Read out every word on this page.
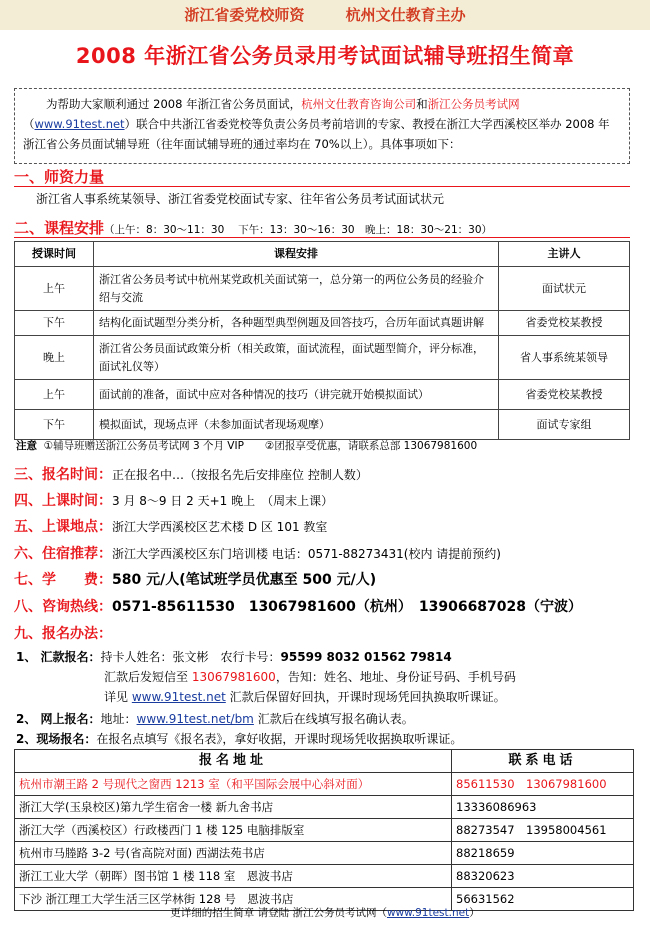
浙江省委党校师资	杭州文仕教育主办
2008 年浙江省公务员录用考试面试辅导班招生简章
为帮助大家顺利通过 2008 年浙江省公务员面试，杭州文仕教育咨询公司和浙江公务员考试网（www.91test.net）联合中共浙江省委党校等负责公务员考前培训的专家、教授在浙江大学西溪校区举办 2008 年浙江省公务员面试辅导班（往年面试辅导班的通过率均在 70%以上）。具体事项如下：
一、师资力量
浙江省人事系统某领导、浙江省委党校面试专家、往年省公务员考试面试状元
二、课程安排（上午：8：30～11：30　 下午：13：30～16：30　晚上：18：30～21：30）
授课时间	课程安排	主讲人
上午	浙江省公务员考试中杭州某党政机关面试第一，总分第一的两位公务员的经验介绍与交流	面试状元
下午	结构化面试题型分类分析，各种题型典型例题及回答技巧，合历年面试真题讲解	省委党校某教授
晚上	浙江省公务员面试政策分析（相关政策，面试流程，面试题型简介，评分标准，面试礼仪等）	省人事系统某领导
上午	面试前的准备，面试中应对各种情况的技巧（讲完就开始模拟面试）	省委党校某教授
下午	模拟面试，现场点评（未参加面试者现场观摩）	面试专家组
注意 ①辅导班赠送浙江公务员考试网 3 个月 VIP　　②团报享受优惠，请联系总部 13067981600
三、报名时间：正在报名中…（按报名先后安排座位 控制人数）
四、上课时间：3 月 8～9 日 2 天+1 晚上　（周末上课）
五、上课地点：浙江大学西溪校区艺术楼 D 区 101 教室
六、住宿推荐：浙江大学西溪校区东门培训楼 电话：0571-88273431(校内 请提前预约)
七、学　　费：580 元/人(笔试班学员优惠至 500 元/人)
八、咨询热线：0571-85611530　13067981600（杭州）　13906687028（宁波）
九、报名办法：
1、 汇款报名：持卡人姓名：张文彬　农行卡号：95599 8032 01562 79814
汇款后发短信至 13067981600，告知：姓名、地址、身份证号码、手机号码
详见 www.91test.net 汇款后保留好回执，开课时现场凭回执换取听课证。
2、 网上报名：地址：www.91test.net/bm 汇款后在线填写报名确认表。
2、现场报名：在报名点填写《报名表》，拿好收据，开课时现场凭收据换取听课证。
报名地址	联系电话
杭州市潮王路 2 号现代之窗西 1213 室（和平国际会展中心斜对面）	85611530　13067981600
浙江大学(玉泉校区)第九学生宿舍一楼 新九舍书店	13336086963
浙江大学（西溪校区）行政楼西门 1 楼 125 电脑排版室	88273547　13958004561
杭州市马塍路 3-2 号(省高院对面) 西湖法苑书店	88218659
浙江工业大学（朝晖）图书馆 1 楼 118 室　恩波书店	88320623
下沙 浙江理工大学生活三区学林街 128 号　恩波书店	56631562
更详细的招生简章 请登陆 浙江公务员考试网（www.91test.net）
